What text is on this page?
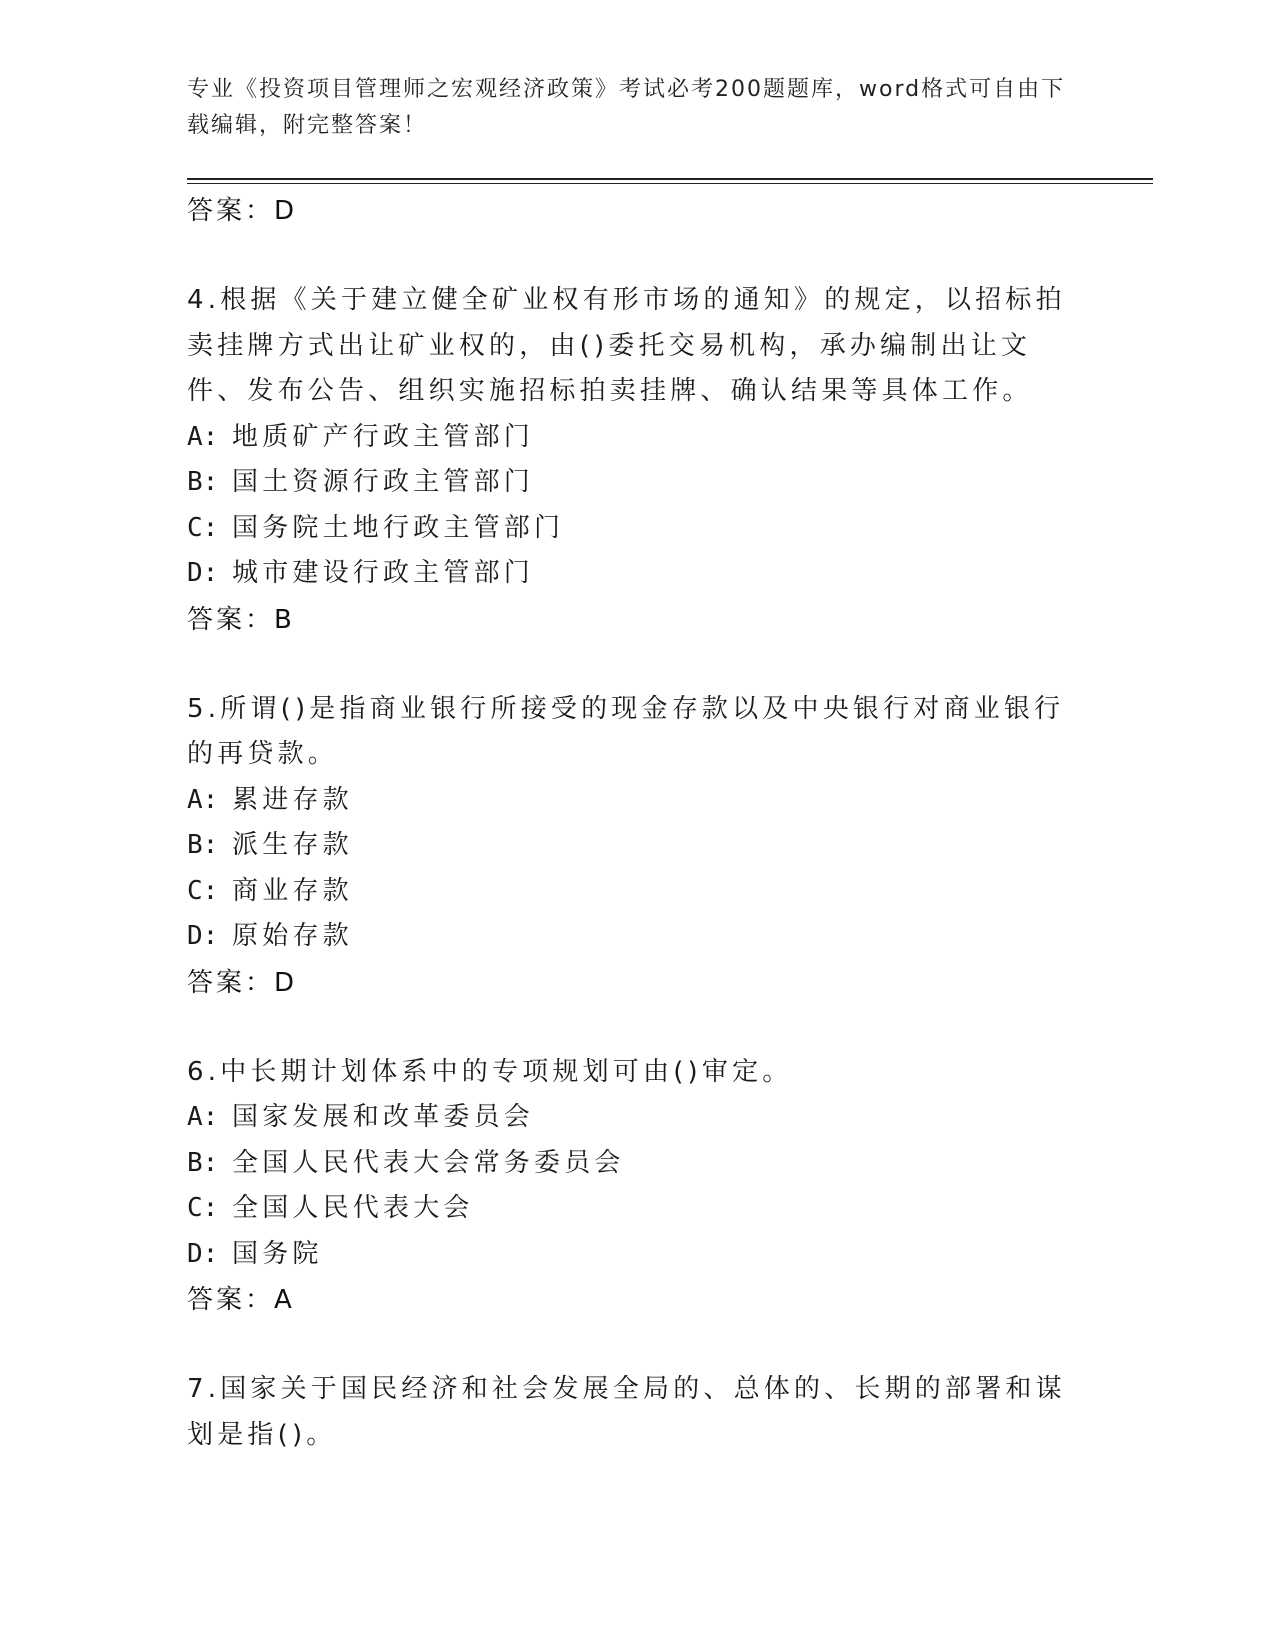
专业《投资项目管理师之宏观经济政策》考试必考200题题库，word格式可自由下载编辑，附完整答案！
答案：D
4.根据《关于建立健全矿业权有形市场的通知》的规定，以招标拍卖挂牌方式出让矿业权的，由()委托交易机构，承办编制出让文件、发布公告、组织实施招标拍卖挂牌、确认结果等具体工作。
A: 地质矿产行政主管部门
B: 国土资源行政主管部门
C: 国务院土地行政主管部门
D: 城市建设行政主管部门
答案：B
5.所谓()是指商业银行所接受的现金存款以及中央银行对商业银行的再贷款。
A: 累进存款
B: 派生存款
C: 商业存款
D: 原始存款
答案：D
6.中长期计划体系中的专项规划可由()审定。
A: 国家发展和改革委员会
B: 全国人民代表大会常务委员会
C: 全国人民代表大会
D: 国务院
答案：A
7.国家关于国民经济和社会发展全局的、总体的、长期的部署和谋划是指()。
